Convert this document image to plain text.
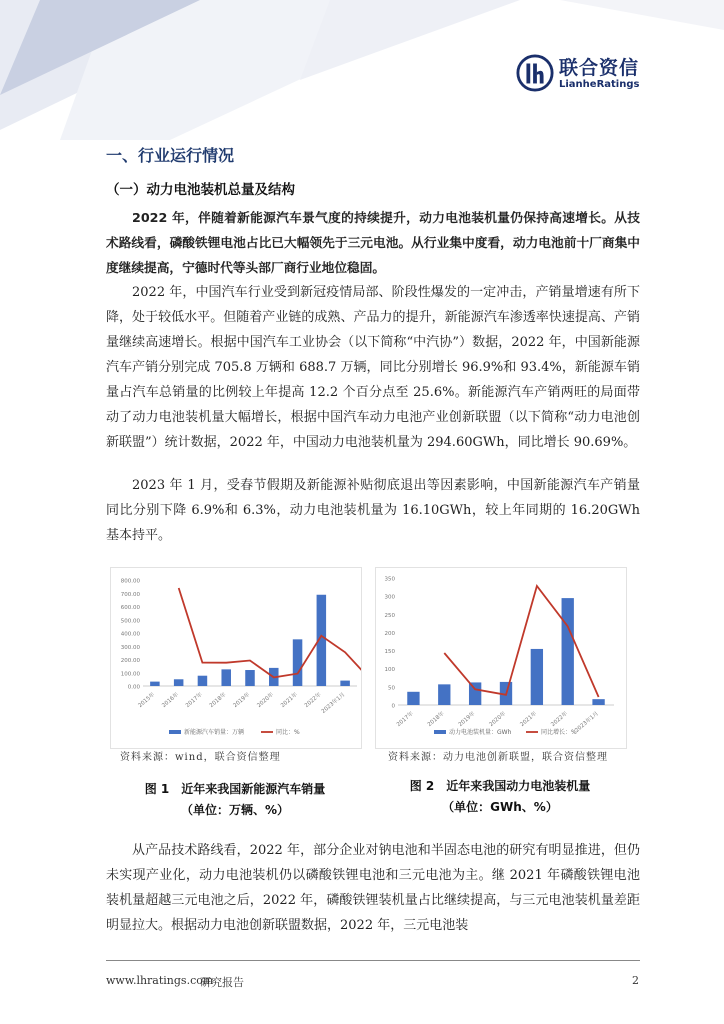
联合资信
LianheRatings
一、行业运行情况
（一）动力电池装机总量及结构
2022 年，伴随着新能源汽车景气度的持续提升，动力电池装机量仍保持高速增长。从技术路线看，磷酸铁锂电池占比已大幅领先于三元电池。从行业集中度看，动力电池前十厂商集中度继续提高，宁德时代等头部厂商行业地位稳固。
2022 年，中国汽车行业受到新冠疫情局部、阶段性爆发的一定冲击，产销量增速有所下降，处于较低水平。但随着产业链的成熟、产品力的提升，新能源汽车渗透率快速提高、产销量继续高速增长。根据中国汽车工业协会（以下简称“中汽协”）数据，2022 年，中国新能源汽车产销分别完成 705.8 万辆和 688.7 万辆，同比分别增长 96.9%和 93.4%，新能源车销量占汽车总销量的比例较上年提高 12.2 个百分点至 25.6%。新能源汽车产销两旺的局面带动了动力电池装机量大幅增长，根据中国汽车动力电池产业创新联盟（以下简称“动力电池创新联盟”）统计数据，2022 年，中国动力电池装机量为 294.60GWh，同比增长 90.69%。
2023 年 1 月，受春节假期及新能源补贴彻底退出等因素影响，中国新能源汽车产销量同比分别下降 6.9%和 6.3%，动力电池装机量为 16.10GWh，较上年同期的 16.20GWh 基本持平。
0.00
100.00
200.00
300.00
400.00
500.00
600.00
700.00
800.00
2015年 2016年 2017年 2018年 2019年 2020年 2021年 2022年
2023年1月
新能源汽车销量：万辆	同比：%
0
50
100
150
200
250
300
350
2017年 2018年 2019年 2020年 2021年 2022年 2023年1月
动力电池装机量：GWh	同比增长：%
资料来源：wind，联合资信整理	资料来源：动力电池创新联盟，联合资信整理
图 1　近年来我国新能源汽车销量
（单位：万辆、%）
图 2　近年来我国动力电池装机量
（单位：GWh、%）
从产品技术路线看，2022 年，部分企业对钠电池和半固态电池的研究有明显推进，但仍未实现产业化，动力电池装机仍以磷酸铁锂电池和三元电池为主。继 2021 年磷酸铁锂电池装机量超越三元电池之后，2022 年，磷酸铁锂装机量占比继续提高，与三元电池装机量差距明显拉大。根据动力电池创新联盟数据，2022 年，三元电池装
www.lhratings.com
研究报告	2
